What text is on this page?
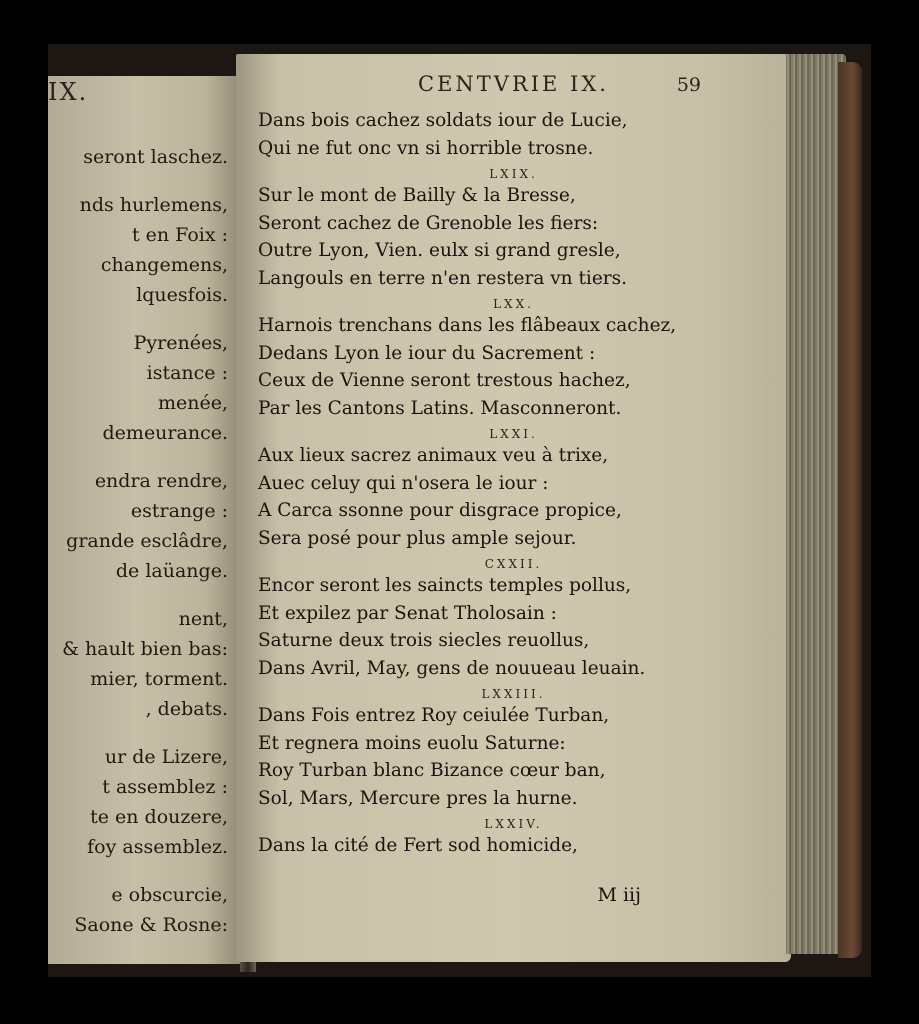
IX.
seront laschez.
nds hurlemens,
t en Foix :
changemens,
lquesfois.
Pyrenées,
istance :
menée,
demeurance.
endra rendre,
estrange :
grande esclâdre,
de laüange.
nent,
& hault bien bas:
mier, torment.
, debats.
ur de Lizere,
t assemblez :
te en douzere,
foy assemblez.
e obscurcie,
Saone & Rosne:
CENTVRIE IX.	59
Dans bois cachez soldats iour de Lucie,
Qui ne fut onc vn si horrible trosne.
LXIX.
Sur le mont de Bailly & la Bresse,
Seront cachez de Grenoble les fiers:
Outre Lyon, Vien. eulx si grand gresle,
Langouls en terre n'en restera vn tiers.
LXX.
Harnois trenchans dans les flâbeaux cachez,
Dedans Lyon le iour du Sacrement :
Ceux de Vienne seront trestous hachez,
Par les Cantons Latins. Masconneront.
LXXI.
Aux lieux sacrez animaux veu à trixe,
Auec celuy qui n'osera le iour :
A Carca ssonne pour disgrace propice,
Sera posé pour plus ample sejour.
CXXII.
Encor seront les saincts temples pollus,
Et expilez par Senat Tholosain :
Saturne deux trois siecles reuollus,
Dans Avril, May, gens de nouueau leuain.
LXXIII.
Dans Fois entrez Roy ceiulée Turban,
Et regnera moins euolu Saturne:
Roy Turban blanc Bizance cœur ban,
Sol, Mars, Mercure pres la hurne.
LXXIV.
Dans la cité de Fert sod homicide,
M iij
